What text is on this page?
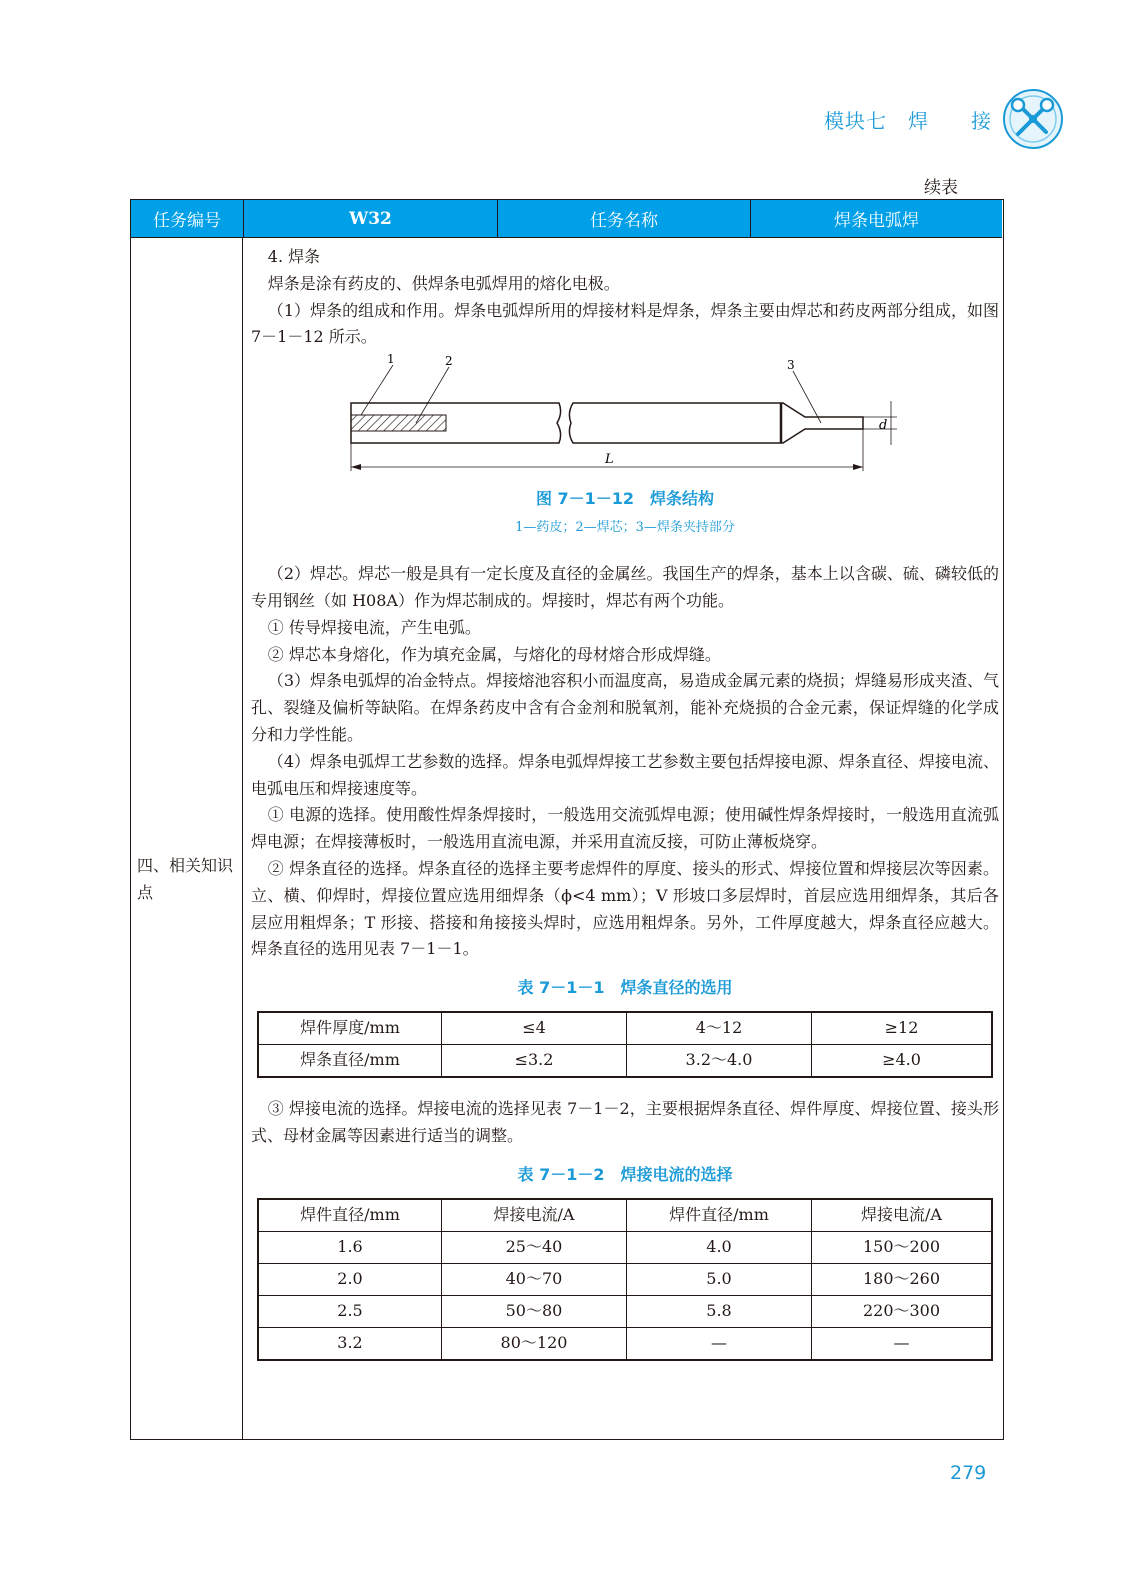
模块七　焊　　接
续表
任务编号	W32	任务名称	焊条电弧焊
四、相关知识点

4. 焊条

焊条是涂有药皮的、供焊条电弧焊用的熔化电极。

（1）焊条的组成和作用。焊条电弧焊所用的焊接材料是焊条，焊条主要由焊芯和药皮两部分组成，如图 7－1－12 所示。

1	2	3
d
L
图 7－1－12　焊条结构
1—药皮；2—焊芯；3—焊条夹持部分

（2）焊芯。焊芯一般是具有一定长度及直径的金属丝。我国生产的焊条，基本上以含碳、硫、磷较低的专用钢丝（如 H08A）作为焊芯制成的。焊接时，焊芯有两个功能。

① 传导焊接电流，产生电弧。

② 焊芯本身熔化，作为填充金属，与熔化的母材熔合形成焊缝。

（3）焊条电弧焊的冶金特点。焊接熔池容积小而温度高，易造成金属元素的烧损；焊缝易形成夹渣、气孔、裂缝及偏析等缺陷。在焊条药皮中含有合金剂和脱氧剂，能补充烧损的合金元素，保证焊缝的化学成分和力学性能。

（4）焊条电弧焊工艺参数的选择。焊条电弧焊焊接工艺参数主要包括焊接电源、焊条直径、焊接电流、电弧电压和焊接速度等。

① 电源的选择。使用酸性焊条焊接时，一般选用交流弧焊电源；使用碱性焊条焊接时，一般选用直流弧焊电源；在焊接薄板时，一般选用直流电源，并采用直流反接，可防止薄板烧穿。

② 焊条直径的选择。焊条直径的选择主要考虑焊件的厚度、接头的形式、焊接位置和焊接层次等因素。立、横、仰焊时，焊接位置应选用细焊条（ϕ<4 mm）；V 形坡口多层焊时，首层应选用细焊条，其后各层应用粗焊条；T 形接、搭接和角接接头焊时，应选用粗焊条。另外，工件厚度越大，焊条直径应越大。焊条直径的选用见表 7－1－1。

表 7－1－1　焊条直径的选用
焊件厚度/mm	≤4	4～12	≥12
焊条直径/mm	≤3.2	3.2～4.0	≥4.0

③ 焊接电流的选择。焊接电流的选择见表 7－1－2，主要根据焊条直径、焊件厚度、焊接位置、接头形式、母材金属等因素进行适当的调整。

表 7－1－2　焊接电流的选择
焊件直径/mm	焊接电流/A	焊件直径/mm	焊接电流/A
1.6	25～40	4.0	150～200
2.0	40～70	5.0	180～260
2.5	50～80	5.8	220～300
3.2	80～120	—	—
279
